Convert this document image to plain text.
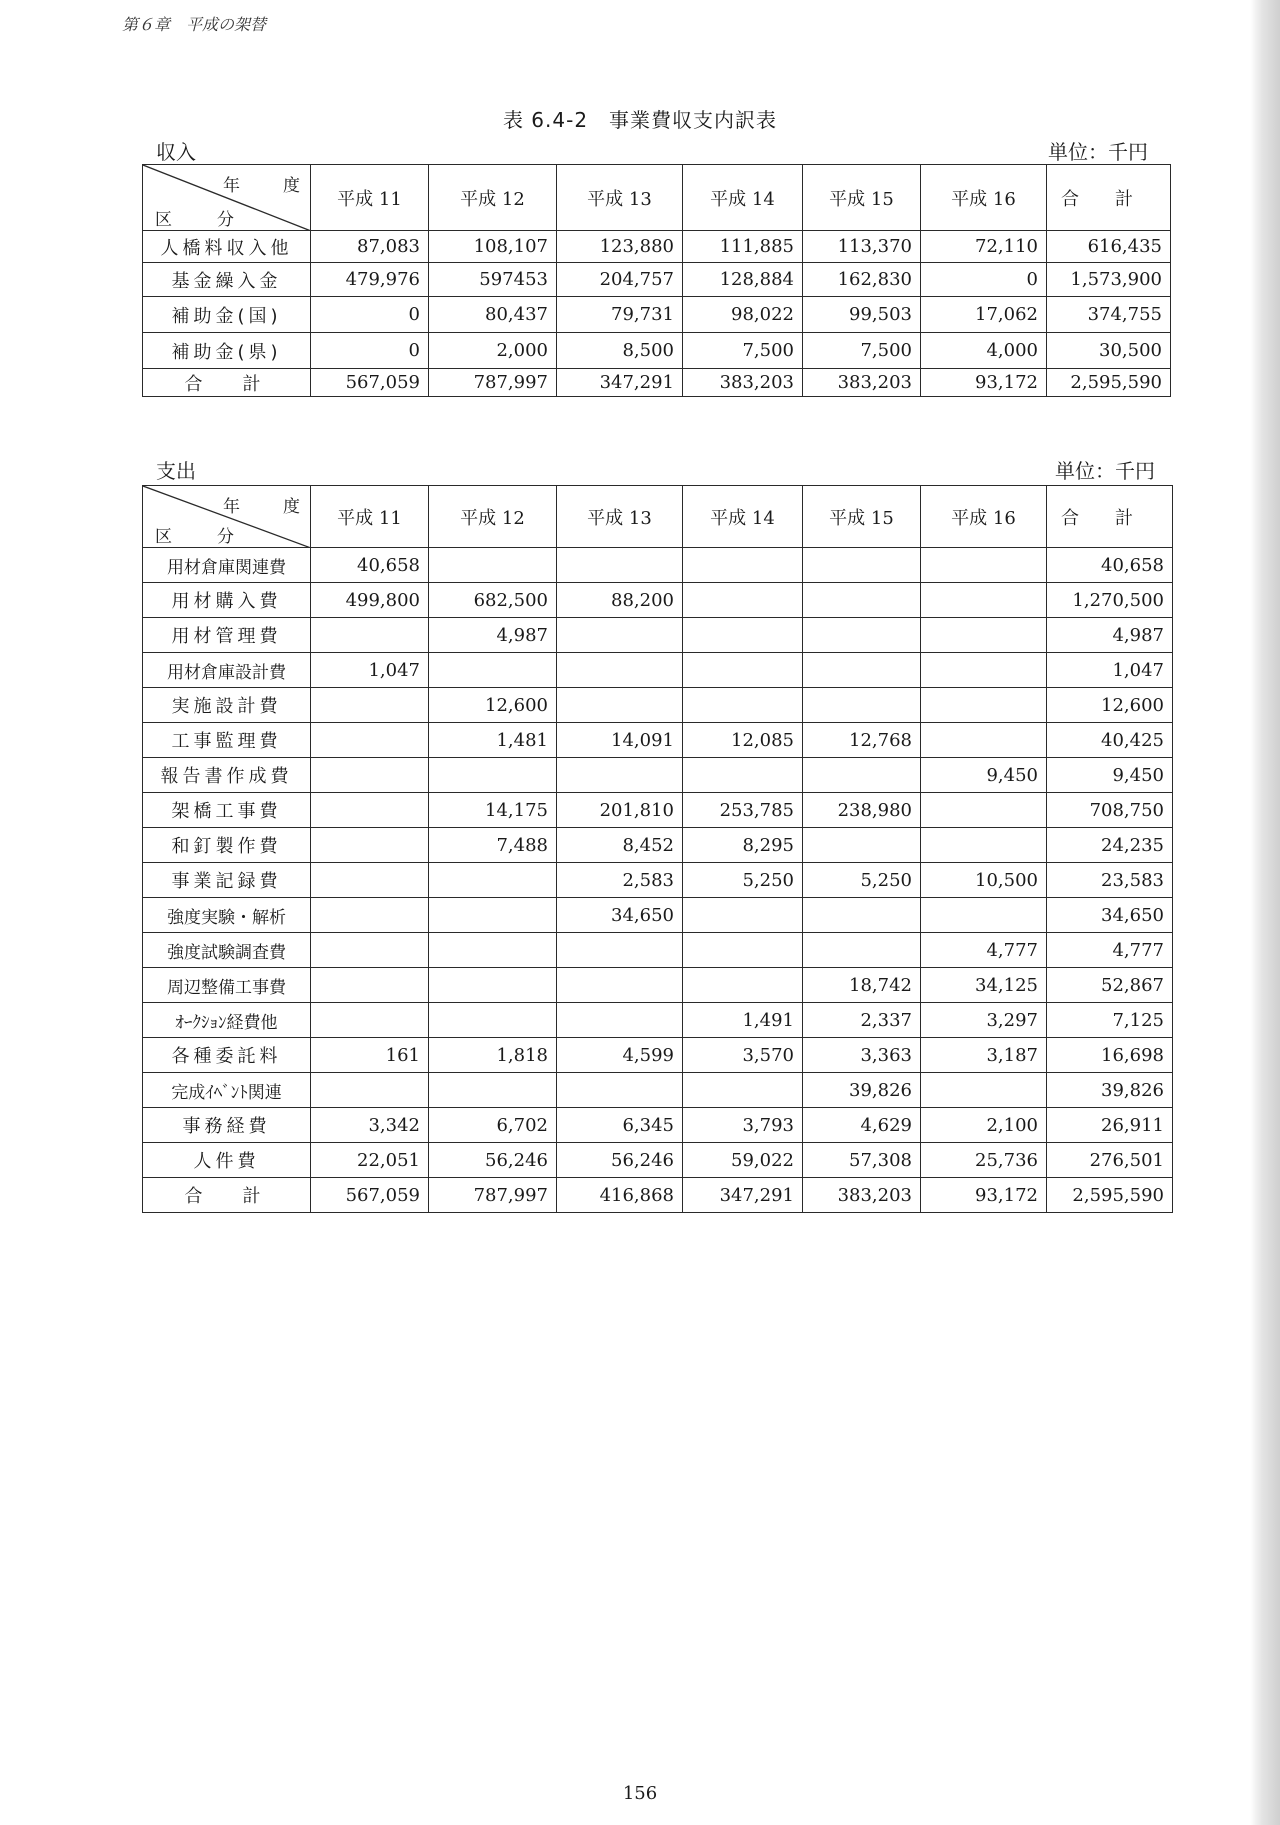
第６章　平成の架替
表 6.4-2　事業費収支内訳表
収入	単位：千円
年 度
区 分	平成 11	平成 12	平成 13	平成 14	平成 15	平成 16	合　　計
人橋料収入他	87,083	108,107	123,880	111,885	113,370	72,110	616,435
基金繰入金	479,976	597453	204,757	128,884	162,830	0	1,573,900
補助金(国)	0	80,437	79,731	98,022	99,503	17,062	374,755
補助金(県)	0	2,000	8,500	7,500	7,500	4,000	30,500
合計	567,059	787,997	347,291	383,203	383,203	93,172	2,595,590
支出	単位：千円
年 度
区 分	平成 11	平成 12	平成 13	平成 14	平成 15	平成 16	合　　計
用材倉庫関連費	40,658						40,658
用材購入費	499,800	682,500	88,200				1,270,500
用材管理費		4,987					4,987
用材倉庫設計費	1,047						1,047
実施設計費		12,600					12,600
工事監理費		1,481	14,091	12,085	12,768		40,425
報告書作成費						9,450	9,450
架橋工事費		14,175	201,810	253,785	238,980		708,750
和釘製作費		7,488	8,452	8,295			24,235
事業記録費			2,583	5,250	5,250	10,500	23,583
強度実験・解析			34,650				34,650
強度試験調査費						4,777	4,777
周辺整備工事費					18,742	34,125	52,867
ｵｰｸｼｮﾝ経費他				1,491	2,337	3,297	7,125
各種委託料	161	1,818	4,599	3,570	3,363	3,187	16,698
完成ｲﾍﾞﾝﾄ関連					39,826		39,826
事務経費	3,342	6,702	6,345	3,793	4,629	2,100	26,911
人件費	22,051	56,246	56,246	59,022	57,308	25,736	276,501
合計	567,059	787,997	416,868	347,291	383,203	93,172	2,595,590
156
